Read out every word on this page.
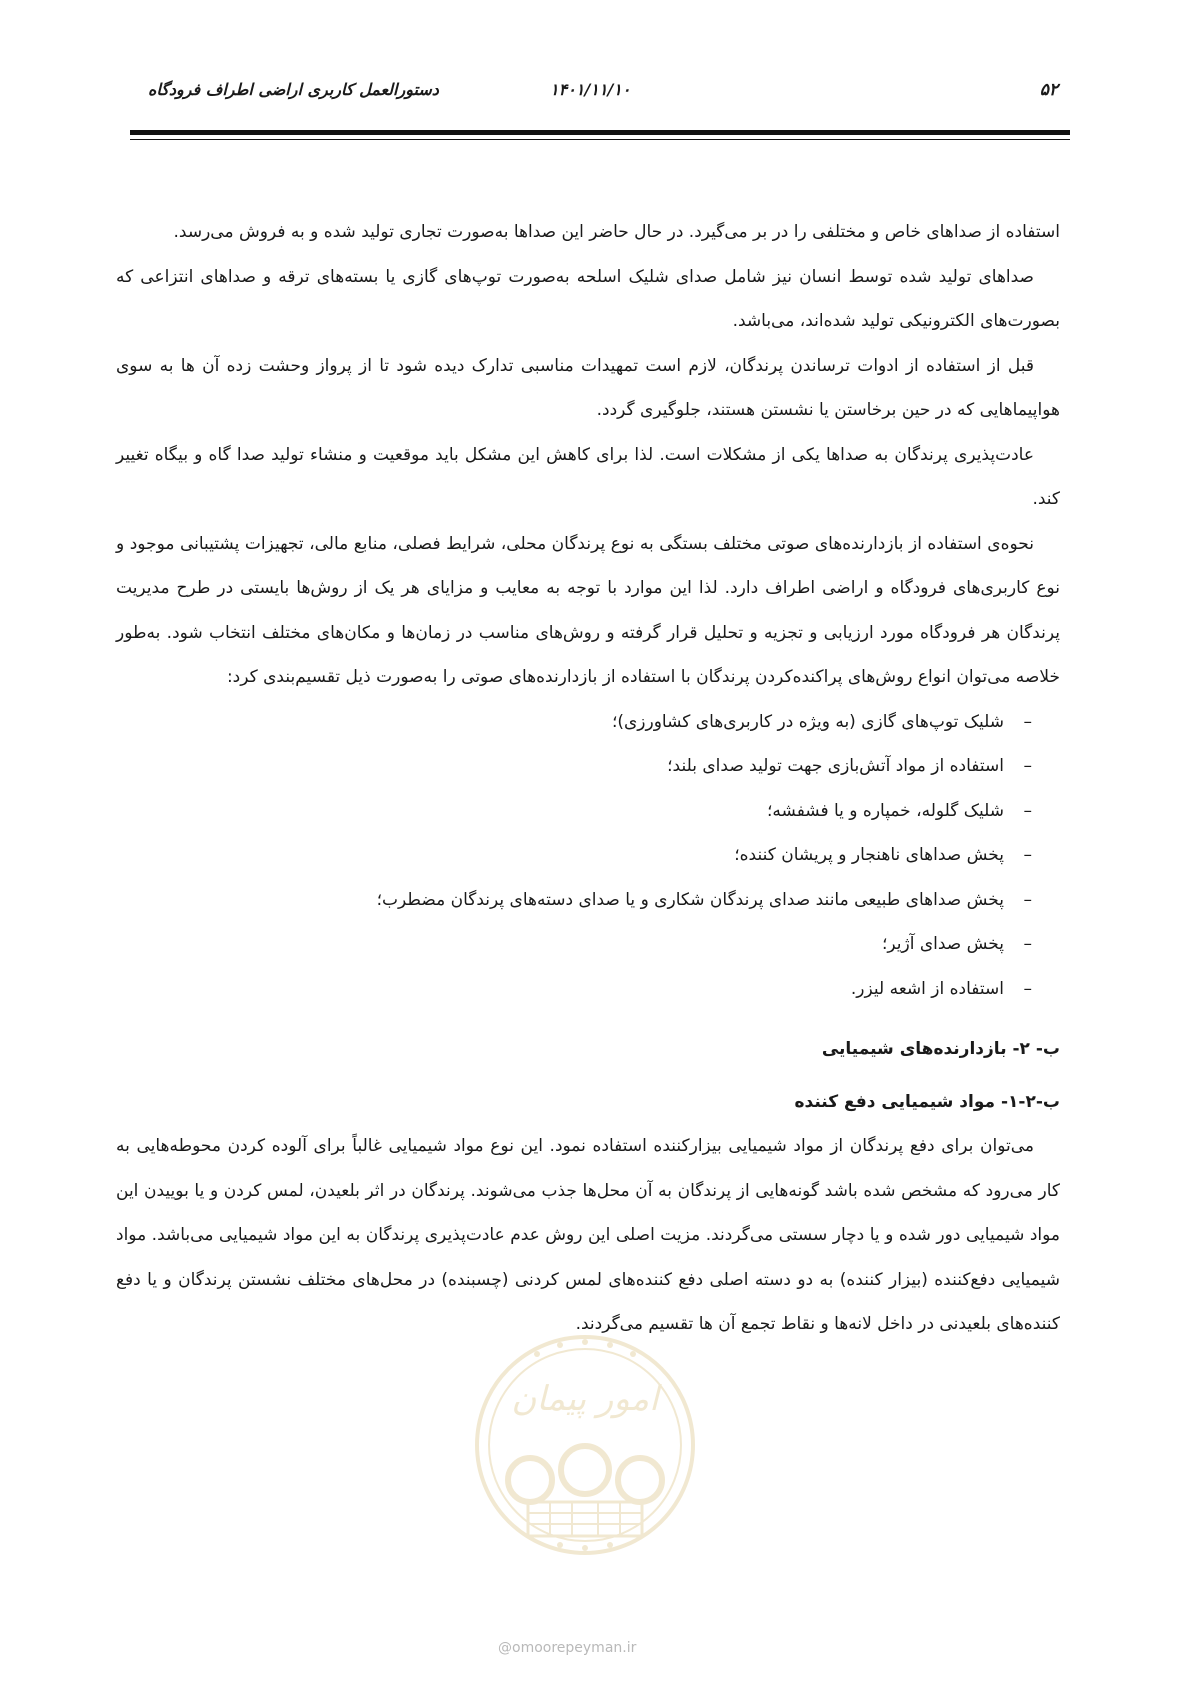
۵۲
۱۴۰۱/۱۱/۱۰
دستورالعمل کاربری اراضی اطراف فرودگاه

استفاده از صداهای خاص و مختلفی را در بر می‌گیرد. در حال حاضر این صداها به‌صورت تجاری تولید شده و به فروش می‌رسد.

صداهای تولید شده توسط انسان نیز شامل صدای شلیک اسلحه به‌صورت توپ‌های گازی یا بسته‌های ترقه و صداهای انتزاعی که بصورت‌های الکترونیکی تولید شده‌اند، می‌باشد.

قبل از استفاده از ادوات ترساندن پرندگان، لازم است تمهیدات مناسبی تدارک دیده شود تا از پرواز وحشت زده آن ها به سوی هواپیماهایی که در حین برخاستن یا نشستن هستند، جلوگیری گردد.

عادت‌پذیری پرندگان به صداها یکی از مشکلات است. لذا برای کاهش این مشکل باید موقعیت و منشاء تولید صدا گاه و بیگاه تغییر کند.

نحوه‌ی استفاده از بازدارنده‌های صوتی مختلف بستگی به نوع پرندگان محلی، شرایط فصلی، منابع مالی، تجهیزات پشتیبانی موجود و نوع کاربری‌های فرودگاه و اراضی اطراف دارد. لذا این موارد با توجه به معایب و مزایای هر یک از روش‌ها بایستی در طرح مدیریت پرندگان هر فرودگاه مورد ارزیابی و تجزیه و تحلیل قرار گرفته و روش‌های مناسب در زمان‌ها و مکان‌های مختلف انتخاب شود. به‌طور خلاصه می‌توان انواع روش‌های پراکنده‌کردن پرندگان با استفاده از بازدارنده‌های صوتی را به‌صورت ذیل تقسیم‌بندی کرد:

–
شلیک توپ‌های گازی (به ویژه در کاربری‌های کشاورزی)؛
–
استفاده از مواد آتش‌بازی جهت تولید صدای بلند؛
–
شلیک گلوله، خمپاره و یا فشفشه؛
–
پخش صداهای ناهنجار و پریشان کننده؛
–
پخش صداهای طبیعی مانند صدای پرندگان شکاری و یا صدای دسته‌های پرندگان مضطرب؛
–
پخش صدای آژیر؛
–
استفاده از اشعه لیزر.
ب- ۲- بازدارنده‌های شیمیایی
ب-۲-۱- مواد شیمیایی دفع کننده

می‌توان برای دفع پرندگان از مواد شیمیایی بیزارکننده استفاده نمود. این نوع مواد شیمیایی غالباً برای آلوده کردن محوطه‌هایی به کار می‌رود که مشخص شده باشد گونه‌هایی از پرندگان به آن محل‌ها جذب می‌شوند. پرندگان در اثر بلعیدن، لمس کردن و یا بوییدن این مواد شیمیایی دور شده و یا دچار سستی می‌گردند. مزیت اصلی این روش عدم عادت‌پذیری پرندگان به این مواد شیمیایی می‌باشد. مواد شیمیایی دفع‌کننده (بیزار کننده) به دو دسته اصلی دفع کننده‌های لمس کردنی (چسبنده) در محل‌های مختلف نشستن پرندگان و یا دفع کننده‌های بلعیدنی در داخل لانه‌ها و نقاط تجمع آن ها تقسیم می‌گردند.

امور پیمان
@omoorepeyman.ir
